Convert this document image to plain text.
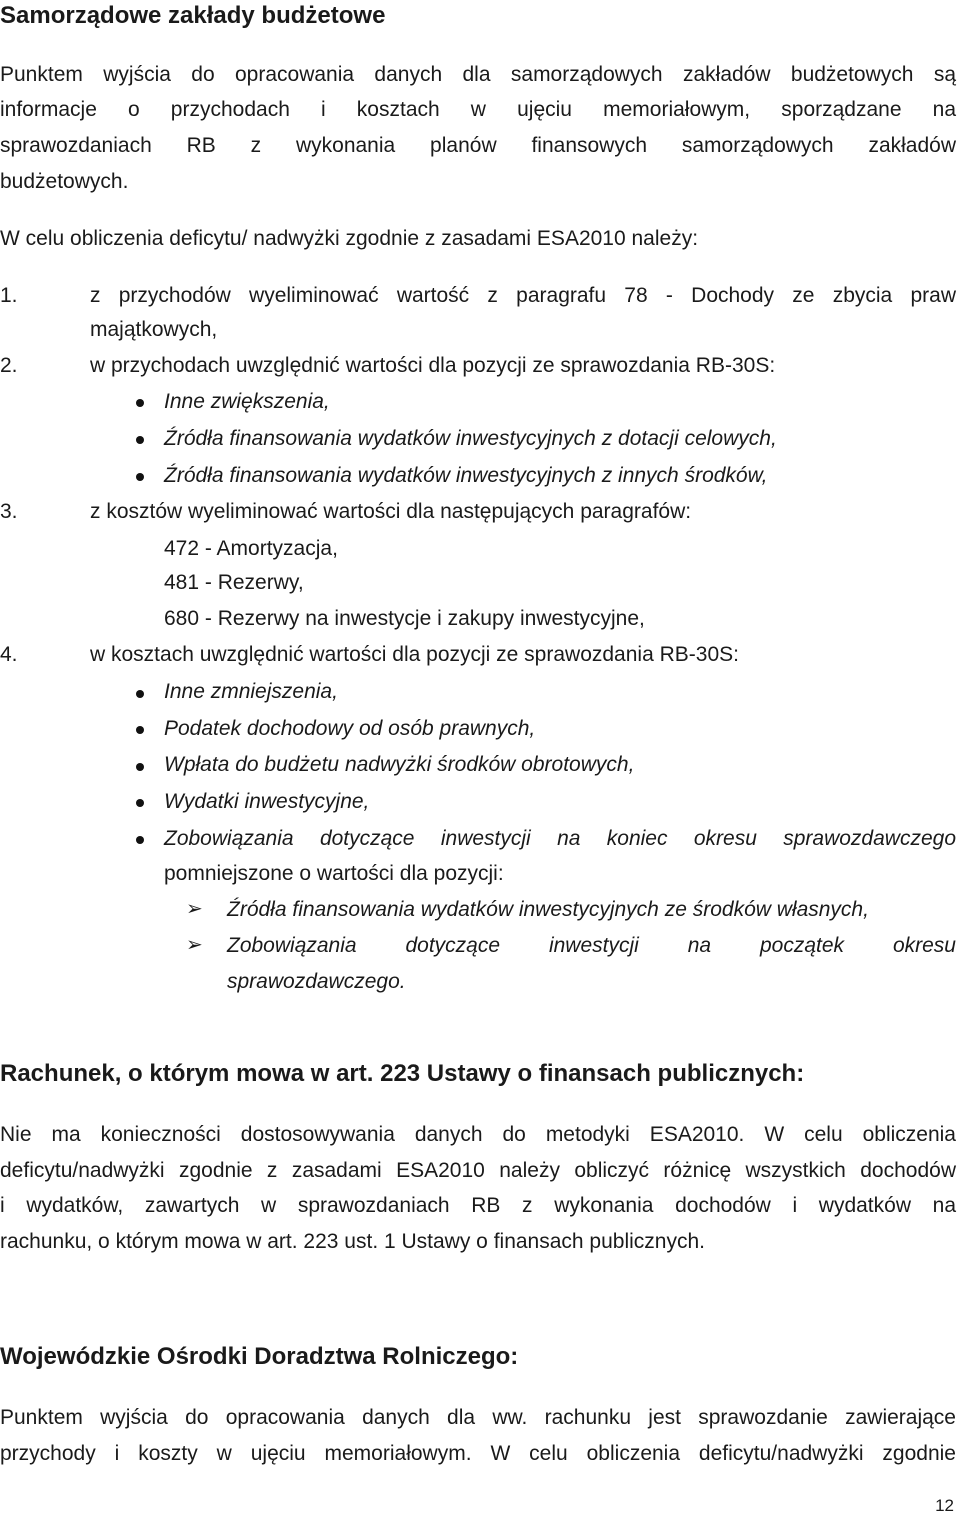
Samorządowe zakłady budżetowe
Punktem wyjścia do opracowania danych dla samorządowych zakładów budżetowych są
informacje o przychodach i kosztach w ujęciu memoriałowym, sporządzane na
sprawozdaniach RB z wykonania planów finansowych samorządowych zakładów
budżetowych.
W celu obliczenia deficytu/ nadwyżki zgodnie z zasadami ESA2010 należy:
1.	z przychodów wyeliminować wartość z paragrafu 78 - Dochody ze zbycia praw
majątkowych,
2.	w przychodach uwzględnić wartości dla pozycji ze sprawozdania RB-30S:
Inne zwiększenia,
Źródła finansowania wydatków inwestycyjnych z dotacji celowych,
Źródła finansowania wydatków inwestycyjnych z innych środków,
3.	z kosztów wyeliminować wartości dla następujących paragrafów:
472 - Amortyzacja,
481 - Rezerwy,
680 - Rezerwy na inwestycje i zakupy inwestycyjne,
4.	w kosztach uwzględnić wartości dla pozycji ze sprawozdania RB-30S:
Inne zmniejszenia,
Podatek dochodowy od osób prawnych,
Wpłata do budżetu nadwyżki środków obrotowych,
Wydatki inwestycyjne,
Zobowiązania dotyczące inwestycji na koniec okresu sprawozdawczego
pomniejszone o wartości dla pozycji:
➢ Źródła finansowania wydatków inwestycyjnych ze środków własnych,
➢ Zobowiązania dotyczące inwestycji na początek okresu
sprawozdawczego.
Rachunek, o którym mowa w art. 223 Ustawy o finansach publicznych:
Nie ma konieczności dostosowywania danych do metodyki ESA2010. W celu obliczenia
deficytu/nadwyżki zgodnie z zasadami ESA2010 należy obliczyć różnicę wszystkich dochodów
i wydatków, zawartych w sprawozdaniach RB z wykonania dochodów i wydatków na
rachunku, o którym mowa w art. 223 ust. 1 Ustawy o finansach publicznych.
Wojewódzkie Ośrodki Doradztwa Rolniczego:
Punktem wyjścia do opracowania danych dla ww. rachunku jest sprawozdanie zawierające
przychody i koszty w ujęciu memoriałowym. W celu obliczenia deficytu/nadwyżki zgodnie
12
